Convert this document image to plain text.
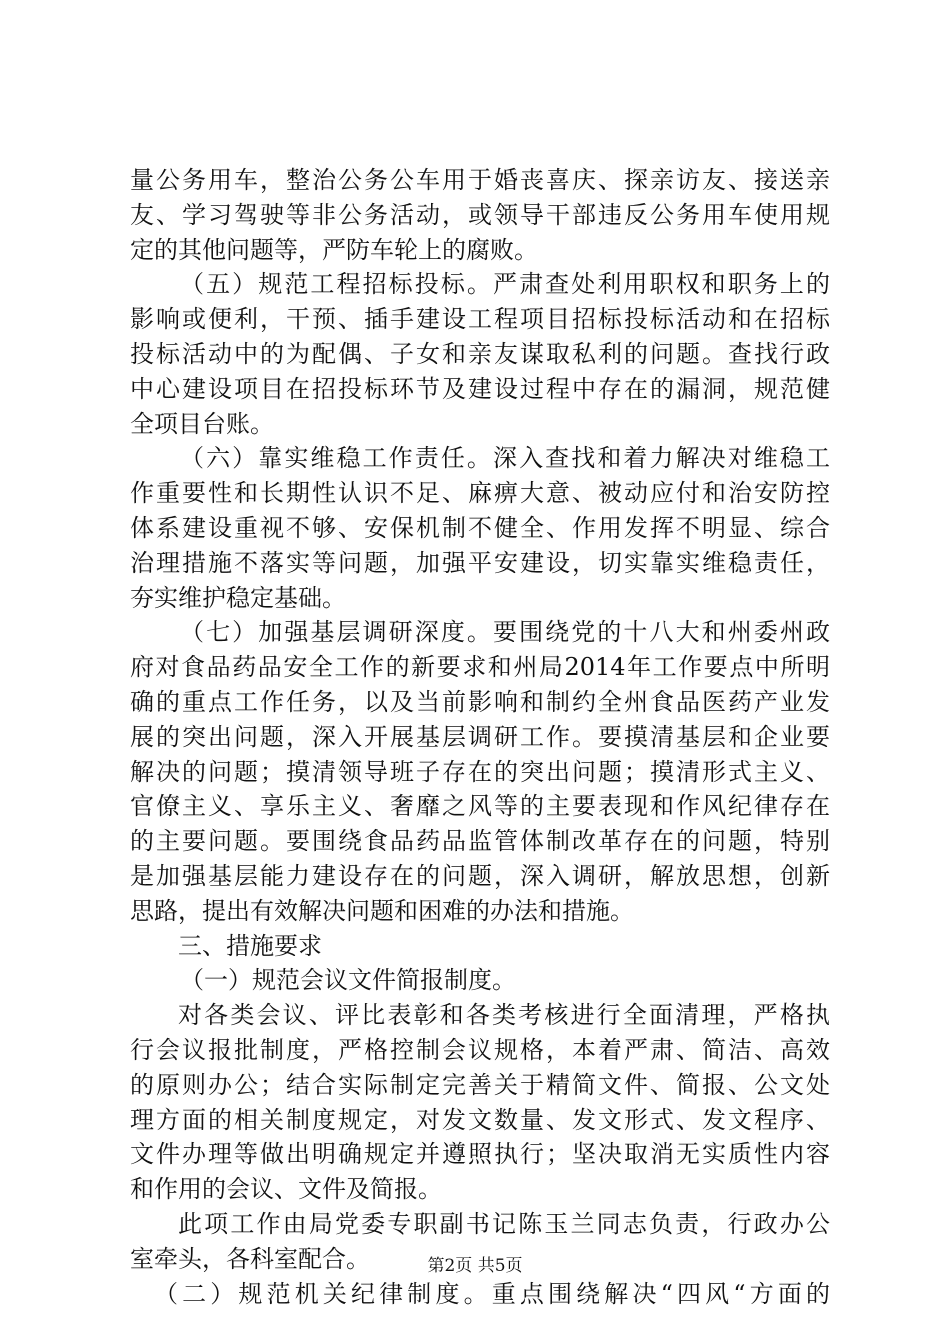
量公务用车，整治公务公车用于婚丧喜庆、探亲访友、接送亲
友、学习驾驶等非公务活动，或领导干部违反公务用车使用规
定的其他问题等，严防车轮上的腐败。
（五）规范工程招标投标。严肃查处利用职权和职务上的
影响或便利，干预、插手建设工程项目招标投标活动和在招标
投标活动中的为配偶、子女和亲友谋取私利的问题。查找行政
中心建设项目在招投标环节及建设过程中存在的漏洞，规范健
全项目台账。
（六）靠实维稳工作责任。深入查找和着力解决对维稳工
作重要性和长期性认识不足、麻痹大意、被动应付和治安防控
体系建设重视不够、安保机制不健全、作用发挥不明显、综合
治理措施不落实等问题，加强平安建设，切实靠实维稳责任，
夯实维护稳定基础。
（七）加强基层调研深度。要围绕党的十八大和州委州政
府对食品药品安全工作的新要求和州局2014年工作要点中所明
确的重点工作任务，以及当前影响和制约全州食品医药产业发
展的突出问题，深入开展基层调研工作。要摸清基层和企业要
解决的问题；摸清领导班子存在的突出问题；摸清形式主义、
官僚主义、享乐主义、奢靡之风等的主要表现和作风纪律存在
的主要问题。要围绕食品药品监管体制改革存在的问题，特别
是加强基层能力建设存在的问题，深入调研，解放思想，创新
思路，提出有效解决问题和困难的办法和措施。
三、措施要求
（一）规范会议文件简报制度。
对各类会议、评比表彰和各类考核进行全面清理，严格执
行会议报批制度，严格控制会议规格，本着严肃、简洁、高效
的原则办公；结合实际制定完善关于精简文件、简报、公文处
理方面的相关制度规定，对发文数量、发文形式、发文程序、
文件办理等做出明确规定并遵照执行；坚决取消无实质性内容
和作用的会议、文件及简报。
此项工作由局党委专职副书记陈玉兰同志负责，行政办公
室牵头，各科室配合。
（二）规范机关纪律制度。重点围绕解决“四风“方面的
第2页 共5页
